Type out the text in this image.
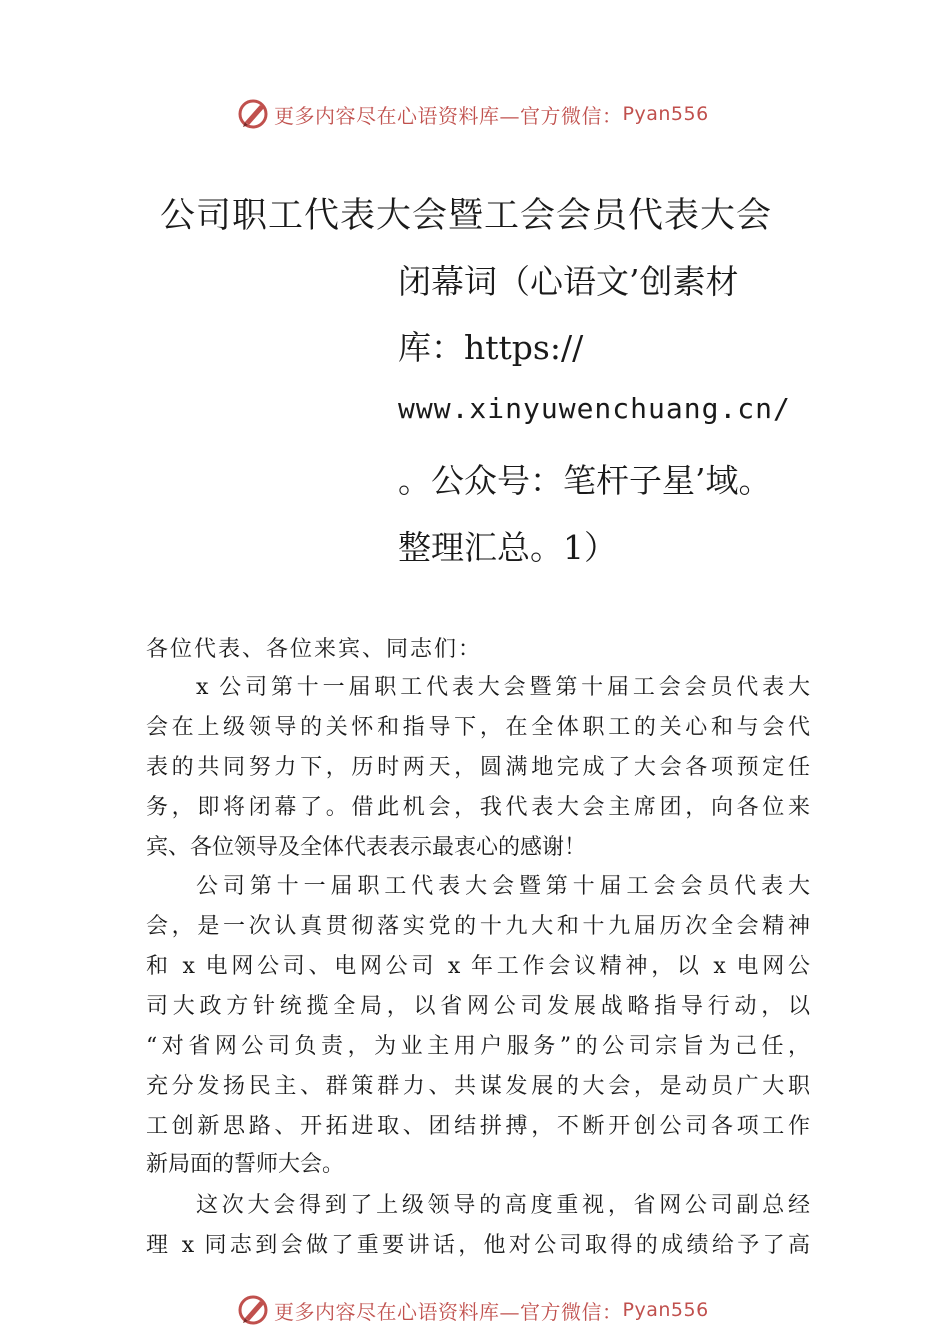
更多内容尽在心语资料库—官方微信： Pyan556
公司职工代表大会暨工会会员代表大会
闭幕词（心语文’创素材
库：https://
www.xinyuwenchuang.cn/
。公众号：笔杆子星’域。
整理汇总。1）
各位代表、各位来宾、同志们：
x 公司第十一届职工代表大会暨第十届工会会员代表大
会在上级领导的关怀和指导下，在全体职工的关心和与会代
表的共同努力下，历时两天，圆满地完成了大会各项预定任
务，即将闭幕了。借此机会，我代表大会主席团，向各位来
宾、各位领导及全体代表表示最衷心的感谢！
公司第十一届职工代表大会暨第十届工会会员代表大
会，是一次认真贯彻落实党的十九大和十九届历次全会精神
和 x 电网公司、电网公司 x 年工作会议精神，以 x 电网公
司大政方针统揽全局，以省网公司发展战略指导行动，以
“对省网公司负责，为业主用户服务”的公司宗旨为己任，
充分发扬民主、群策群力、共谋发展的大会，是动员广大职
工创新思路、开拓进取、团结拼搏，不断开创公司各项工作
新局面的誓师大会。
这次大会得到了上级领导的高度重视，省网公司副总经
理 x 同志到会做了重要讲话，他对公司取得的成绩给予了高
更多内容尽在心语资料库—官方微信： Pyan556
